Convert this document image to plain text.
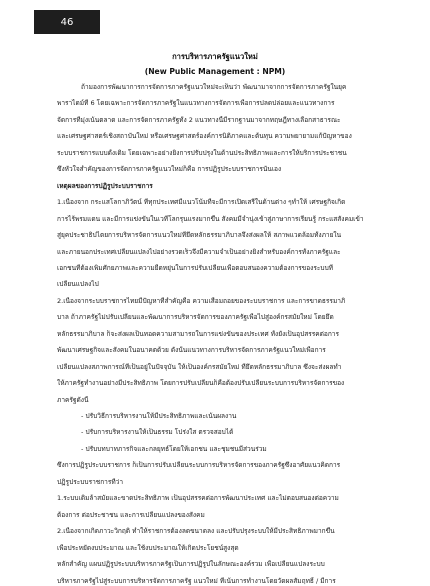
46
การบริหารภาครัฐแนวใหม่
(New Public Management : NPM)
ถ้ามองการพัฒนาการการจัดการภาครัฐแนวใหม่จะเห็นว่า พัฒนามาจากการจัดการภาครัฐในยุค
พาราไดม์ที่ 6 โดยเฉพาะการจัดการภาครัฐในแนวทางการจัดการเพื่อการปลดปล่อยและแนวทางการ
จัดการที่มุ่งเน้นตลาด และการจัดการภาครัฐทั้ง 2 แนวทางนี้มีรากฐานมาจากทฤษฎีทางเลือกสาธารณะ
และเศรษฐศาสตร์เชิงสถาบันใหม่ หรือเศรษฐศาสตร์องค์การนิติภาคและต้นทุน ความพยายามแก้ปัญหาของ
ระบบราชการแบบดั้งเดิม โดยเฉพาะอย่างยิ่งการปรับปรุงในด้านประสิทธิภาพและการให้บริการประชาชน
ซึ่งหัวใจสำคัญของการจัดการภาครัฐแนวใหม่ก็คือ การปฏิรูประบบราชการนั่นเอง
เหตุผลของการปฏิรูประบบราชการ
1.เนื่องจาก กระแสโลกาภิวัตน์ ที่ทุกประเทศมีแนวโน้มที่จะมีการเปิดเสรีในด้านต่าง ๆทำให้ เศรษฐกิจเกิด
การไร้พรมแดน และมีการแข่งขันในเวทีโลกรุนแรงมากขึ้น สังคมมีจำนุ่งเข้าสู่ภาษาการเรียนรู้ กระแสสังคมเข้า
สู่ยุคประชาธิปไตยการบริหารจัดการแนวใหม่ที่ยึดหลักธรรมาภิบาลจึงส่งผลให้ สภาพแวดล้อมทั้งภายใน
และภายนอกประเทศเปลี่ยนแปลงไปอย่างรวดเร็วจึงมีความจำเป็นอย่างยิ่งสำหรับองค์การทั้งภาครัฐและ
เอกชนที่ต้องเพิ่มศักยภาพและความยืดหยุ่นในการปรับเปลี่ยนเพื่อตอบสนองความต้องการของระบบที่
เปลี่ยนแปลงไป
2.เนื่องจากระบบราชการไทยมีปัญหาที่สำคัญคือ ความเสื่อมถอยของระบบราชการ และการขาดธรรมาภิ
บาล ถ้าภาครัฐไม่ปรับเปลี่ยนและพัฒนาการบริหารจัดการของภาครัฐเพื่อไปสู่องค์กรสมัยใหม่ โดยยึด
หลักธรรมาภิบาล ก็จะส่งผลเป็นทอดความสามารถในการแข่งขันของประเทศ ทั้งยังเป็นอุปสรรคต่อการ
พัฒนาเศรษฐกิจและสังคมในอนาคตด้วย ดังนั้นแนวทางการบริหารจัดการภาครัฐแนวใหม่เพื่อการ
เปลี่ยนแปลงสภาพการณ์ที่เป็นอยู่ในปัจจุบัน ให้เป็นองค์กรสมัยใหม่ ที่ยึดหลักธรรมาภิบาล ซึ่งจะส่งผลทำ
ให้ภาครัฐทำงานอย่างมีประสิทธิภาพ โดยการปรับเปลี่ยนก็คือต้องปรับเปลี่ยนระบบการบริหารจัดการของ
ภาครัฐดังนี้
- ปรับวิธีการบริหารงานให้มีประสิทธิภาพและเน้นผลงาน
- ปรับการบริหารงานให้เป็นธรรม โปร่งใส ตรวจสอบได้
- ปรับบทบาทภารกิจและกลยุทธ์โดยให้เอกชน และชุมชนมีส่วนร่วม
ซึ่งการปฏิรูประบบราชการ ก็เป็นการปรับเปลี่ยนระบบการบริหารจัดการของภาครัฐซึ่งอาศัยแนวคิดการ
ปฏิรูประบบราชการที่ว่า
1.ระบบเดิมล้าสมัยและขาดประสิทธิภาพ เป็นอุปสรรคต่อการพัฒนาประเทศ และไม่ตอบสนองต่อความ
ต้องการ ต่อประชาชน และการเปลี่ยนแปลงของสังคม
2.เนื่องจากเกิดภาวะวิกฤติ ทำให้ราชการต้องลดขนาดลง และปรับปรุงระบบให้มีประสิทธิภาพมากขึ้น
เพื่อประหยัดงบประมาณ และใช้งบประมาณให้เกิดประโยชน์สูงสุด
หลักสำคัญ แผนปฏิรูประบบบริหารภาครัฐเป็นการปฏิรูปในลักษณะองค์รวม เพื่อเปลี่ยนแปลงระบบ
บริหารภาครัฐไปสู่ระบบการบริหารจัดการภาครัฐ แนวใหม่ ที่เน้นการทำงานโดยวัดผลสัมฤทธิ์ / มีการ
